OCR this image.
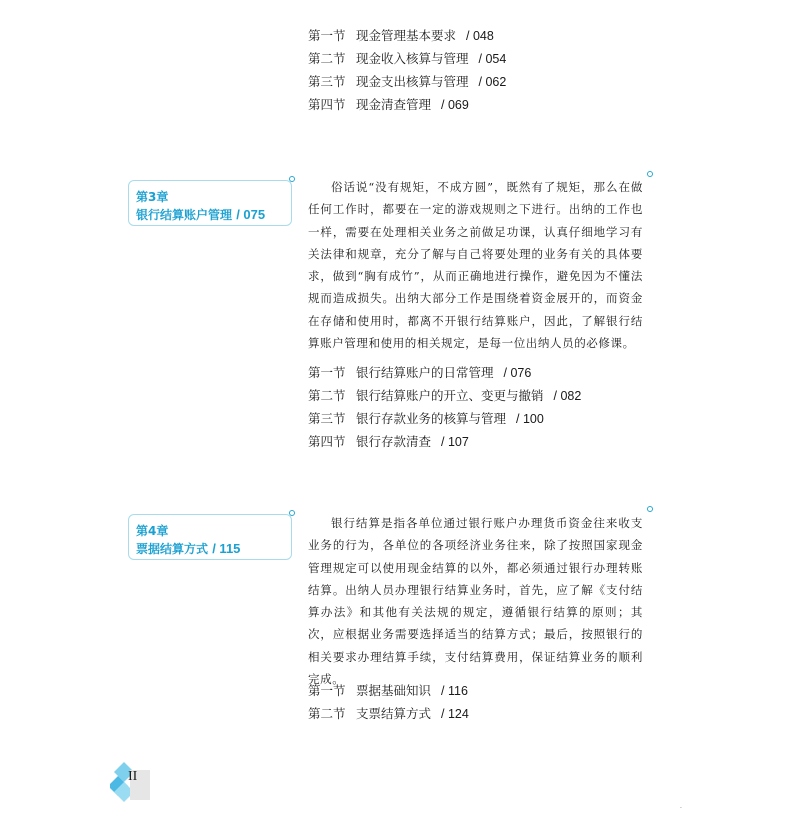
第一节 现金管理基本要求 / 048
第二节 现金收入核算与管理 / 054
第三节 现金支出核算与管理 / 062
第四节 现金清查管理 / 069
第3章
银行结算账户管理 / 075

俗话说“没有规矩，不成方圆”，既然有了规矩，那么在做任何工作时，都要在一定的游戏规则之下进行。出纳的工作也一样，需要在处理相关业务之前做足功课，认真仔细地学习有关法律和规章，充分了解与自己将要处理的业务有关的具体要求，做到“胸有成竹”，从而正确地进行操作，避免因为不懂法规而造成损失。出纳大部分工作是围绕着资金展开的，而资金在存储和使用时，都离不开银行结算账户，因此，了解银行结算账户管理和使用的相关规定，是每一位出纳人员的必修课。

第一节 银行结算账户的日常管理 / 076
第二节 银行结算账户的开立、变更与撤销 / 082
第三节 银行存款业务的核算与管理 / 100
第四节 银行存款清查 / 107
第4章
票据结算方式 / 115

银行结算是指各单位通过银行账户办理货币资金往来收支业务的行为，各单位的各项经济业务往来，除了按照国家现金管理规定可以使用现金结算的以外，都必须通过银行办理转账结算。出纳人员办理银行结算业务时，首先，应了解《支付结算办法》和其他有关法规的规定，遵循银行结算的原则；其次，应根据业务需要选择适当的结算方式；最后，按照银行的相关要求办理结算手续，支付结算费用，保证结算业务的顺利完成。

第一节 票据基础知识 / 116
第二节 支票结算方式 / 124
II
·
